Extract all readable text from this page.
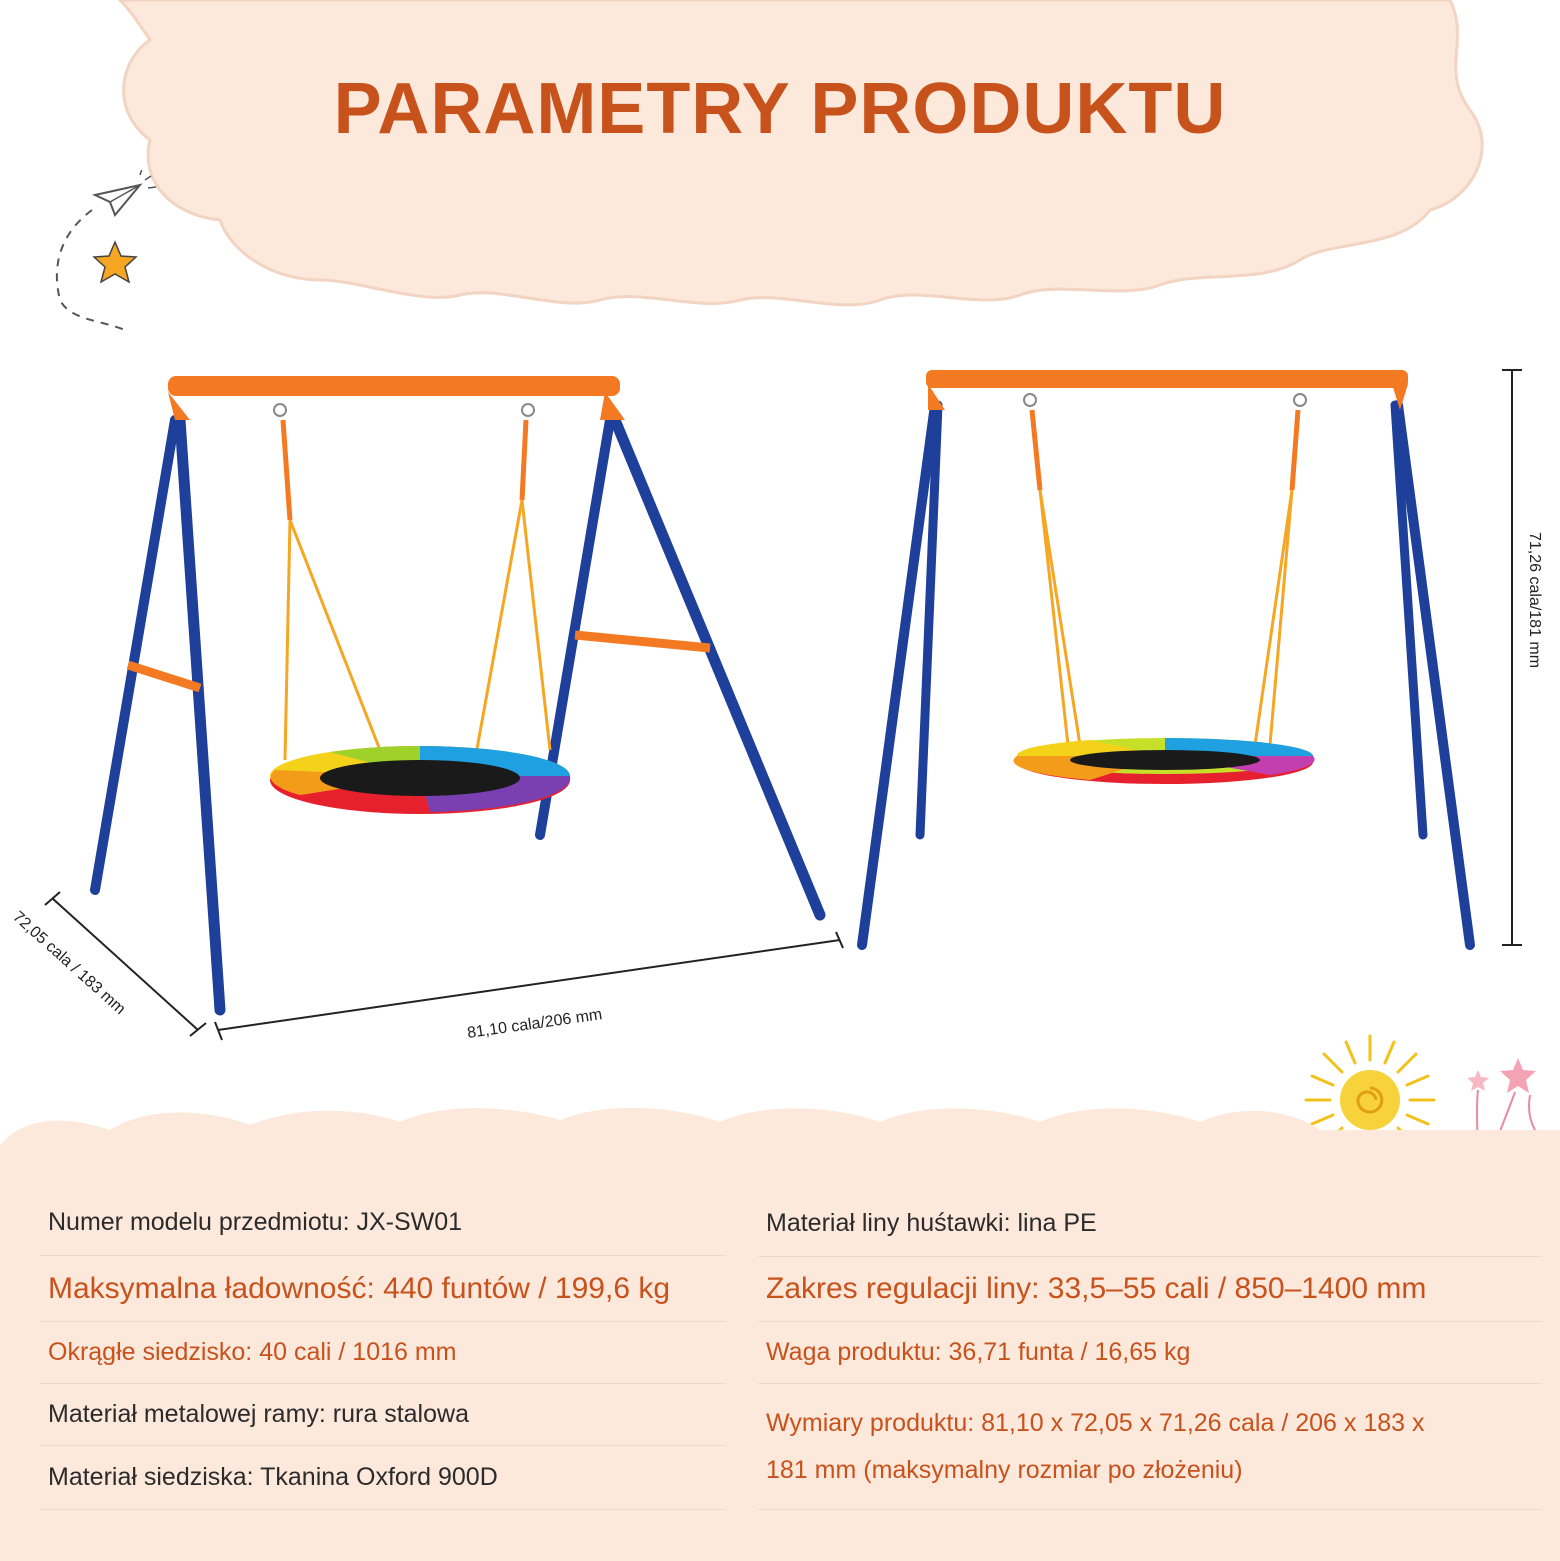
PARAMETRY PRODUKTU
72,05 cala / 183 mm
81,10 cala/206 mm
71,26 cala/181 mm
Numer modelu przedmiotu: JX-SW01
Maksymalna ładowność: 440 funtów / 199,6 kg
Okrągłe siedzisko: 40 cali / 1016 mm
Materiał metalowej ramy: rura stalowa
Materiał siedziska: Tkanina Oxford 900D
Materiał liny huśtawki: lina PE
Zakres regulacji liny: 33,5–55 cali / 850–1400 mm
Waga produktu: 36,71 funta / 16,65 kg
Wymiary produktu: 81,10 x 72,05 x 71,26 cala / 206 x 183 x 181 mm (maksymalny rozmiar po złożeniu)
